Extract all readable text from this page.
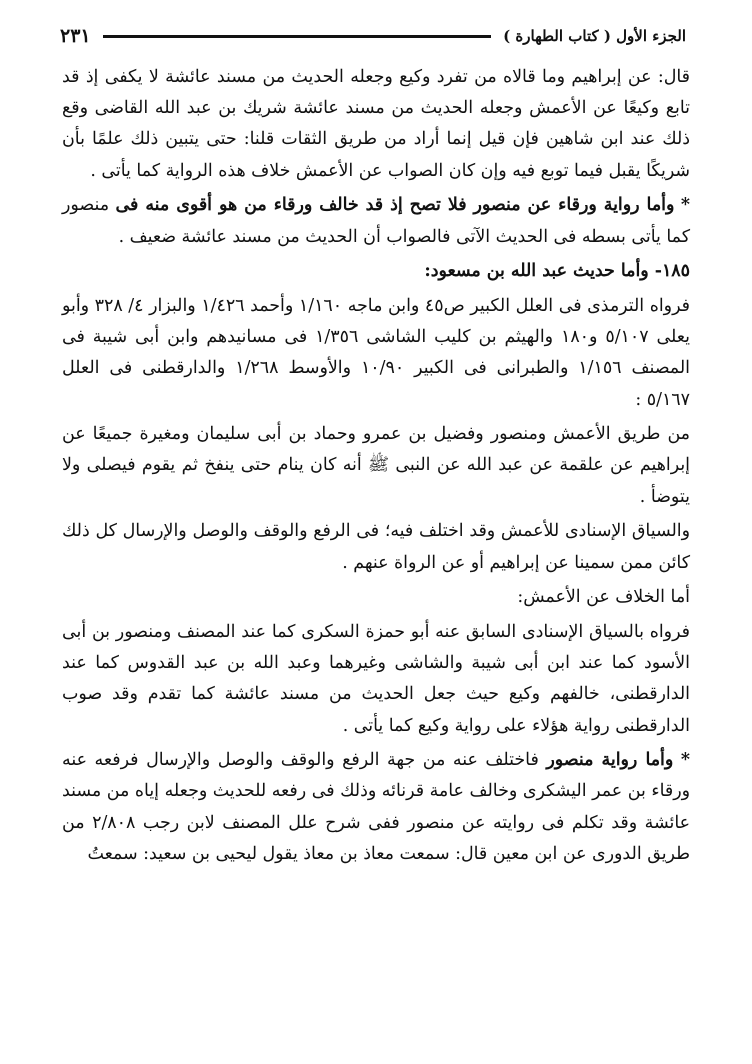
٢٣١	الجزء الأول ( كتاب الطهارة )

قال: عن إبراهيم وما قالاه من تفرد وكيع وجعله الحديث من مسند عائشة لا يكفى إذ قد تابع وكيعًا عن الأعمش وجعله الحديث من مسند عائشة شريك بن عبد الله القاضى وقع ذلك عند ابن شاهين فإن قيل إنما أراد من طريق الثقات قلنا: حتى يتبين ذلك علمًا بأن شريكًا يقبل فيما توبع فيه وإن كان الصواب عن الأعمش خلاف هذه الرواية كما يأتى .

* وأما رواية ورقاء عن منصور فلا تصح إذ قد خالف ورقاء من هو أقوى منه فى منصور كما يأتى بسطه فى الحديث الآتى فالصواب أن الحديث من مسند عائشة ضعيف .

١٨٥- وأما حديث عبد الله بن مسعود:

فرواه الترمذى فى العلل الكبير ص٤٥ وابن ماجه ١/١٦٠ وأحمد ١/٤٢٦ والبزار ٤/ ٣٢٨ وأبو يعلى ٥/١٠٧ و١٨٠ والهيثم بن كليب الشاشى ١/٣٥٦ فى مسانيدهم وابن أبى شيبة فى المصنف ١/١٥٦ والطبرانى فى الكبير ١٠/٩٠ والأوسط ١/٢٦٨ والدارقطنى فى العلل ٥/١٦٧ :

من طريق الأعمش ومنصور وفضيل بن عمرو وحماد بن أبى سليمان ومغيرة جميعًا عن إبراهيم عن علقمة عن عبد الله عن النبى ﷺ أنه كان ينام حتى ينفخ ثم يقوم فيصلى ولا يتوضأ .

والسياق الإسنادى للأعمش وقد اختلف فيه؛ فى الرفع والوقف والوصل والإرسال كل ذلك كائن ممن سمينا عن إبراهيم أو عن الرواة عنهم .

أما الخلاف عن الأعمش:

فرواه بالسياق الإسنادى السابق عنه أبو حمزة السكرى كما عند المصنف ومنصور بن أبى الأسود كما عند ابن أبى شيبة والشاشى وغيرهما وعبد الله بن عبد القدوس كما عند الدارقطنى، خالفهم وكيع حيث جعل الحديث من مسند عائشة كما تقدم وقد صوب الدارقطنى رواية هؤلاء على رواية وكيع كما يأتى .

* وأما رواية منصور فاختلف عنه من جهة الرفع والوقف والوصل والإرسال فرفعه عنه ورقاء بن عمر اليشكرى وخالف عامة قرنائه وذلك فى رفعه للحديث وجعله إياه من مسند عائشة وقد تكلم فى روايته عن منصور ففى شرح علل المصنف لابن رجب ٢/٨٠٨ من طريق الدورى عن ابن معين قال: سمعت معاذ بن معاذ يقول ليحيى بن سعيد: سمعتُ
